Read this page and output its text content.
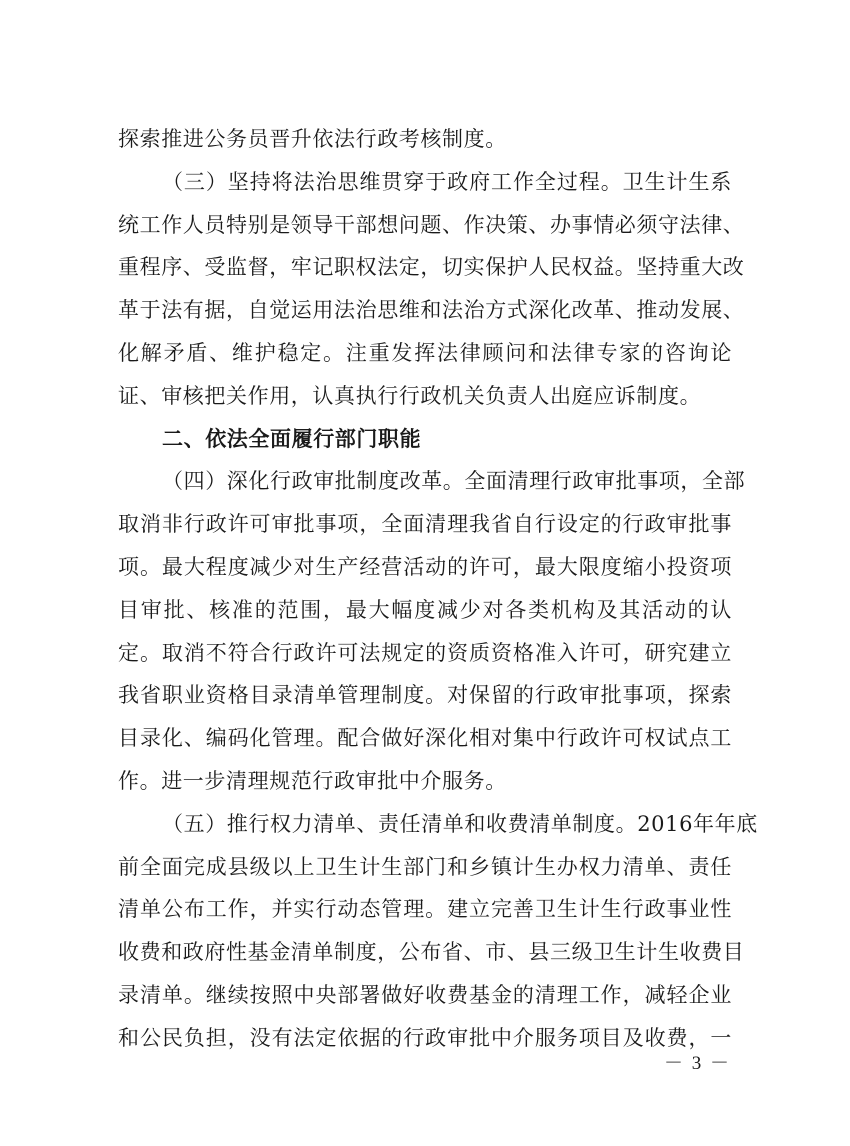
探索推进公务员晋升依法行政考核制度。
（三）坚持将法治思维贯穿于政府工作全过程。卫生计生系
统工作人员特别是领导干部想问题、作决策、办事情必须守法律、
重程序、受监督，牢记职权法定，切实保护人民权益。坚持重大改
革于法有据，自觉运用法治思维和法治方式深化改革、推动发展、
化解矛盾、维护稳定。注重发挥法律顾问和法律专家的咨询论
证、审核把关作用，认真执行行政机关负责人出庭应诉制度。
二、依法全面履行部门职能
（四）深化行政审批制度改革。全面清理行政审批事项，全部
取消非行政许可审批事项，全面清理我省自行设定的行政审批事
项。最大程度减少对生产经营活动的许可，最大限度缩小投资项
目审批、核准的范围，最大幅度减少对各类机构及其活动的认
定。取消不符合行政许可法规定的资质资格准入许可，研究建立
我省职业资格目录清单管理制度。对保留的行政审批事项，探索
目录化、编码化管理。配合做好深化相对集中行政许可权试点工
作。进一步清理规范行政审批中介服务。
（五）推行权力清单、责任清单和收费清单制度。2016年年底
前全面完成县级以上卫生计生部门和乡镇计生办权力清单、责任
清单公布工作，并实行动态管理。建立完善卫生计生行政事业性
收费和政府性基金清单制度，公布省、市、县三级卫生计生收费目
录清单。继续按照中央部署做好收费基金的清理工作，减轻企业
和公民负担，没有法定依据的行政审批中介服务项目及收费，一
－ 3 －
